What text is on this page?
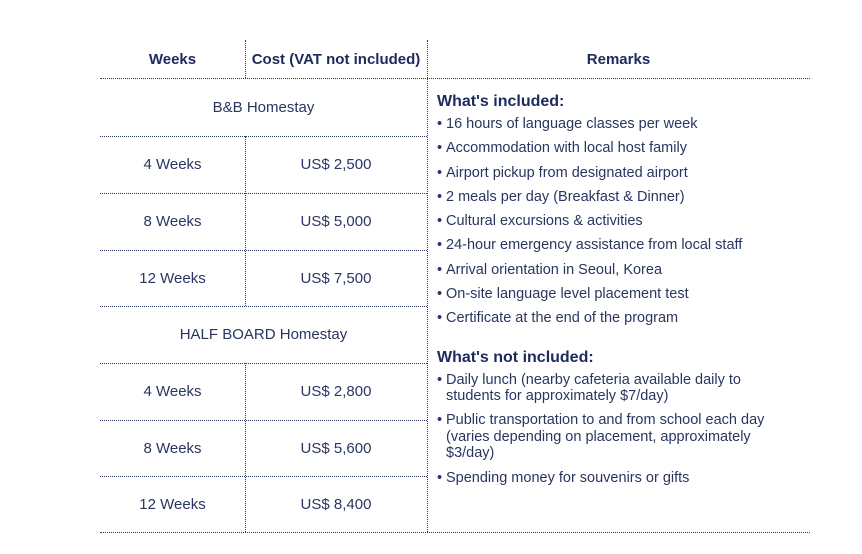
Weeks	Cost (VAT not included)	Remarks
B&B Homestay
4 Weeks	US$ 2,500
8 Weeks	US$ 5,000
12 Weeks	US$ 7,500
HALF BOARD Homestay
4 Weeks	US$ 2,800
8 Weeks	US$ 5,600
12 Weeks	US$ 8,400
What's included:
• 16 hours of language classes per week
• Accommodation with local host family
• Airport pickup from designated airport
• 2 meals per day (Breakfast & Dinner)
• Cultural excursions & activities
• 24-hour emergency assistance from local staff
• Arrival orientation in Seoul, Korea
• On-site language level placement test
• Certificate at the end of the program
What's not included:
• Daily lunch (nearby cafeteria available daily to students for approximately $7/day)
• Public transportation to and from school each day (varies depending on placement, approximately $3/day)
• Spending money for souvenirs or gifts
